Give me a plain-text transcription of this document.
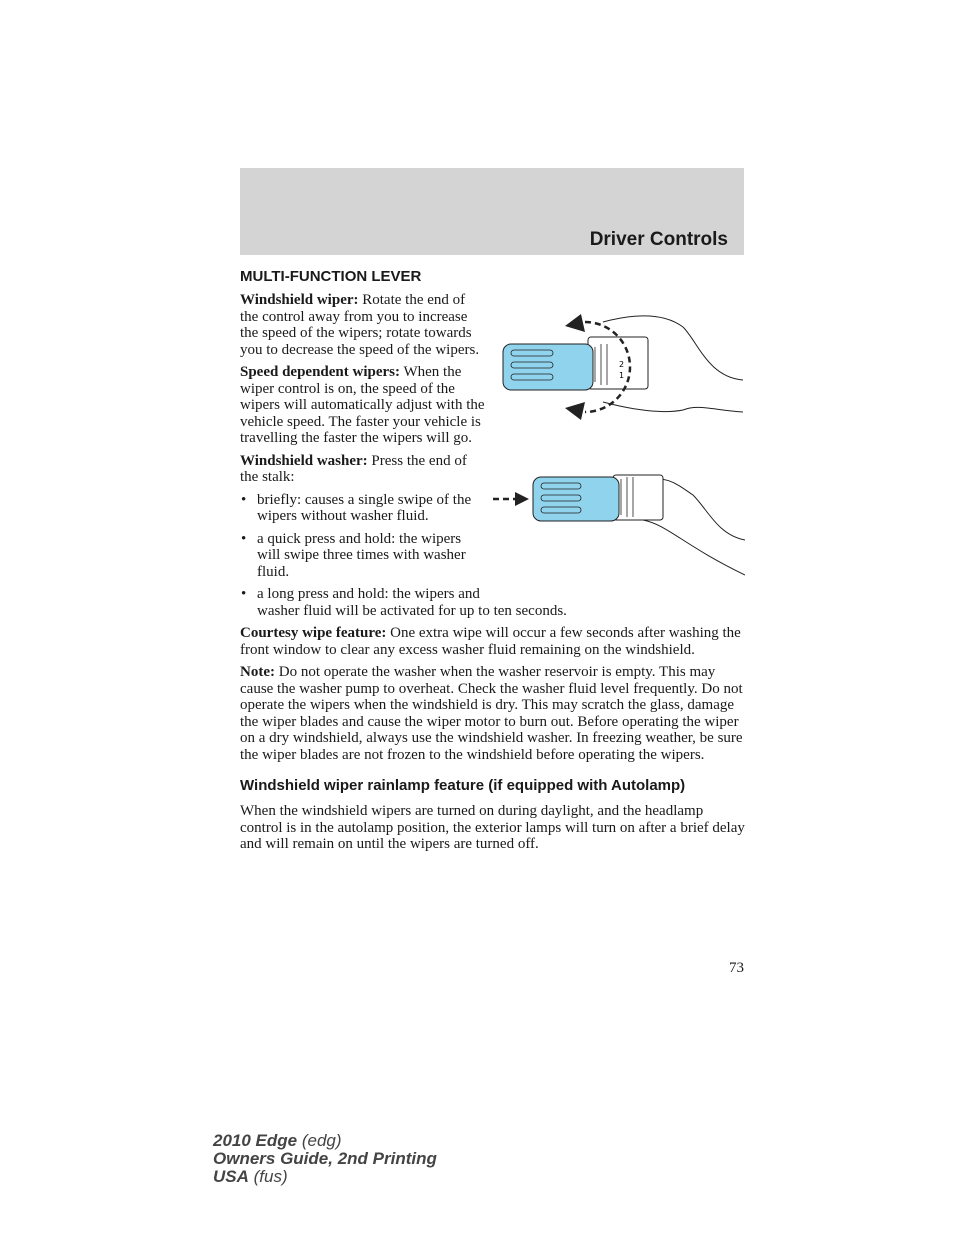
Driver Controls
MULTI-FUNCTION LEVER
2
1

Windshield wiper: Rotate the end of the control away from you to increase the speed of the wipers; rotate towards you to decrease the speed of the wipers.

Speed dependent wipers: When the wiper control is on, the speed of the wipers will automatically adjust with the vehicle speed. The faster your vehicle is travelling the faster the wipers will go.

Windshield washer: Press the end of the stalk:

• briefly: causes a single swipe of the wipers without washer fluid.
• a quick press and hold: the wipers will swipe three times with washer fluid.
• a long press and hold: the wipers and washer fluid will be activated for up to ten seconds.

Courtesy wipe feature: One extra wipe will occur a few seconds after washing the front window to clear any excess washer fluid remaining on the windshield.

Note: Do not operate the washer when the washer reservoir is empty. This may cause the washer pump to overheat. Check the washer fluid level frequently. Do not operate the wipers when the windshield is dry. This may scratch the glass, damage the wiper blades and cause the wiper motor to burn out. Before operating the wiper on a dry windshield, always use the windshield washer. In freezing weather, be sure the wiper blades are not frozen to the windshield before operating the wipers.

Windshield wiper rainlamp feature (if equipped with Autolamp)

When the windshield wipers are turned on during daylight, and the headlamp control is in the autolamp position, the exterior lamps will turn on after a brief delay and will remain on until the wipers are turned off.

73
2010 Edge (edg)
Owners Guide, 2nd Printing
USA (fus)
